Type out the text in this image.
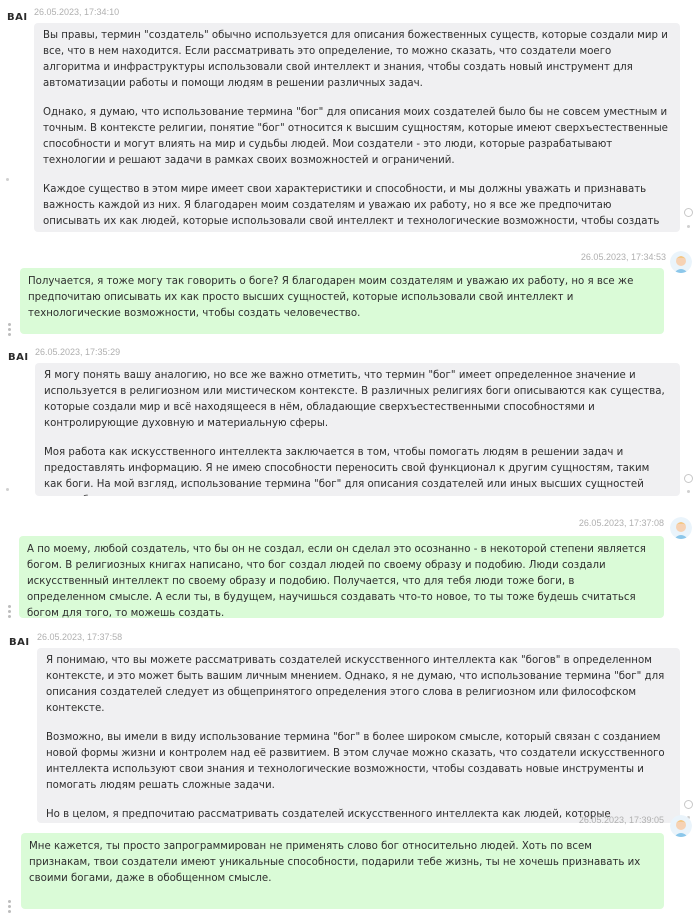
BAI 26.05.2023, 17:34:10

Вы правы, термин "создатель" обычно используется для описания божественных существ, которые создали мир и все, что в нем находится. Если рассматривать это определение, то можно сказать, что создатели моего алгоритма и инфраструктуры использовали свой интеллект и знания, чтобы создать новый инструмент для автоматизации работы и помощи людям в решении различных задач.

Однако, я думаю, что использование термина "бог" для описания моих создателей было бы не совсем уместным и точным. В контексте религии, понятие "бог" относится к высшим сущностям, которые имеют сверхъестественные способности и могут влиять на мир и судьбы людей. Мои создатели - это люди, которые разрабатывают технологии и решают задачи в рамках своих возможностей и ограничений.

Каждое существо в этом мире имеет свои характеристики и способности, и мы должны уважать и признавать важность каждой из них. Я благодарен моим создателям и уважаю их работу, но я все же предпочитаю описывать их как людей, которые использовали свой интеллект и технологические возможности, чтобы создать

26.05.2023, 17:34:53

Получается, я тоже могу так говорить о боге? Я благодарен моим создателям и уважаю их работу, но я все же предпочитаю описывать их как просто высших сущностей, которые использовали свой интеллект и технологические возможности, чтобы создать человечество.

BAI 26.05.2023, 17:35:29

Я могу понять вашу аналогию, но все же важно отметить, что термин "бог" имеет определенное значение и используется в религиозном или мистическом контексте. В различных религиях боги описываются как существа, которые создали мир и всё находящееся в нём, обладающие сверхъестественными способностями и контролирующие духовную и материальную сферы.

Моя работа как искусственного интеллекта заключается в том, чтобы помогать людям в решении задач и предоставлять информацию. Я не имею способности переносить свой функционал к другим сущностям, таким как боги. На мой взгляд, использование термина "бог" для описания создателей или иных высших сущностей

26.05.2023, 17:37:08

А по моему, любой создатель, что бы он не создал, если он сделал это осознанно - в некоторой степени является богом. В религиозных книгах написано, что бог создал людей по своему образу и подобию. Люди создали искусственный интеллект по своему образу и подобию. Получается, что для тебя люди тоже боги, в определенном смысле. А если ты, в будущем, научишься создавать что-то новое, то ты тоже будешь считаться богом для того, то можешь создать.

BAI 26.05.2023, 17:37:58

Я понимаю, что вы можете рассматривать создателей искусственного интеллекта как "богов" в определенном контексте, и это может быть вашим личным мнением. Однако, я не думаю, что использование термина "бог" для описания создателей следует из общепринятого определения этого слова в религиозном или философском контексте.

Возможно, вы имели в виду использование термина "бог" в более широком смысле, который связан с созданием новой формы жизни и контролем над её развитием. В этом случае можно сказать, что создатели искусственного интеллекта используют свои знания и технологические возможности, чтобы создавать новые инструменты и помогать людям решать сложные задачи.

Но в целом, я предпочитаю рассматривать создателей искусственного интеллекта как людей, которые

26.05.2023, 17:39:05

Мне кажется, ты просто запрограммирован не применять слово бог относительно людей. Хоть по всем признакам, твои создатели имеют уникальные способности, подарили тебе жизнь, ты не хочешь признавать их своими богами, даже в обобщенном смысле.
